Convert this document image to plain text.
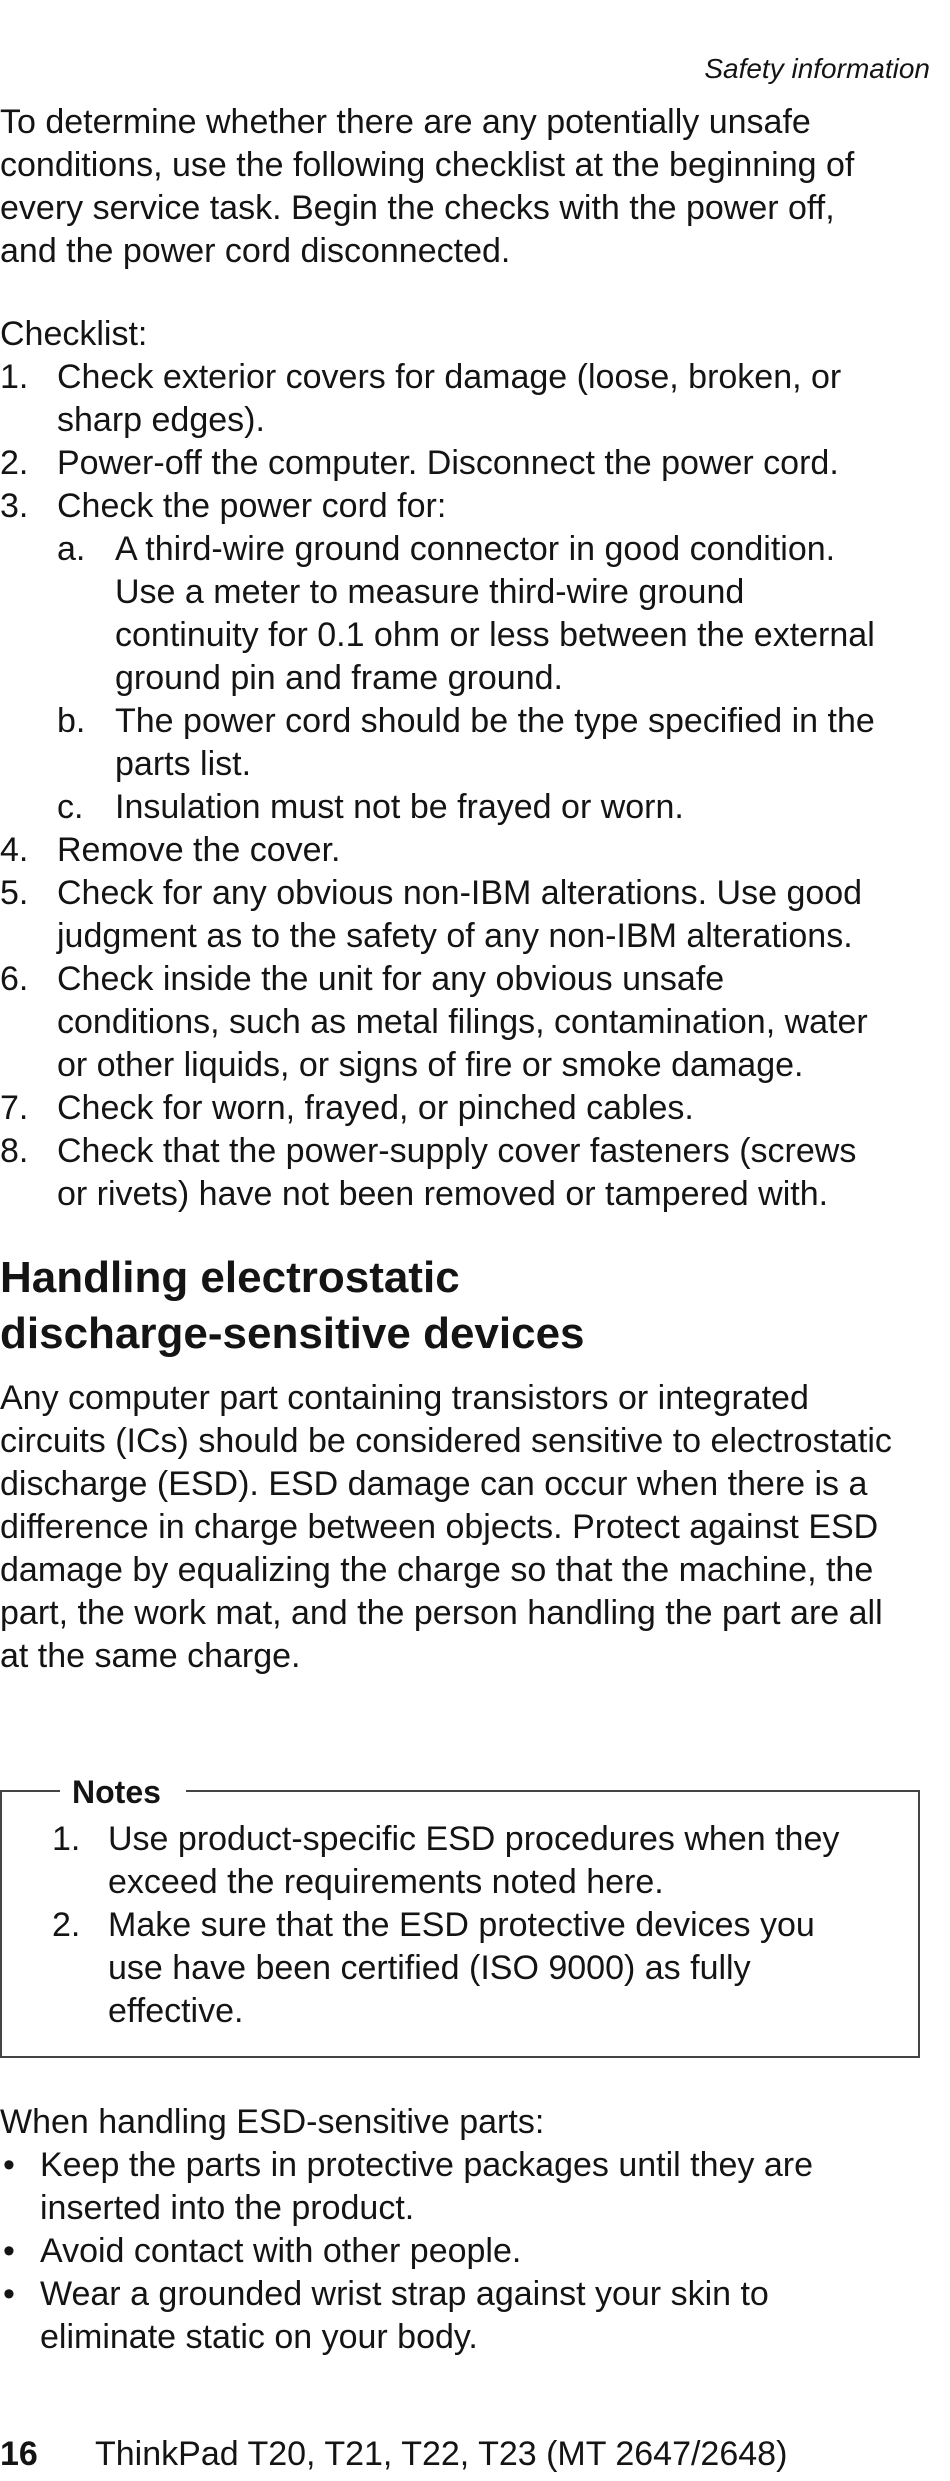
Safety information
To determine whether there are any potentially unsafe
conditions, use the following checklist at the beginning of
every service task. Begin the checks with the power off,
and the power cord disconnected.
Checklist:
1. Check exterior covers for damage (loose, broken, or
sharp edges).
2. Power-off the computer. Disconnect the power cord.
3. Check the power cord for:
a. A third-wire ground connector in good condition.
Use a meter to measure third-wire ground
continuity for 0.1 ohm or less between the external
ground pin and frame ground.
b. The power cord should be the type specified in the
parts list.
c. Insulation must not be frayed or worn.
4. Remove the cover.
5. Check for any obvious non-IBM alterations. Use good
judgment as to the safety of any non-IBM alterations.
6. Check inside the unit for any obvious unsafe
conditions, such as metal filings, contamination, water
or other liquids, or signs of fire or smoke damage.
7. Check for worn, frayed, or pinched cables.
8. Check that the power-supply cover fasteners (screws
or rivets) have not been removed or tampered with.
Handling electrostatic
discharge-sensitive devices
Any computer part containing transistors or integrated
circuits (ICs) should be considered sensitive to electrostatic
discharge (ESD). ESD damage can occur when there is a
difference in charge between objects. Protect against ESD
damage by equalizing the charge so that the machine, the
part, the work mat, and the person handling the part are all
at the same charge.
Notes
1. Use product-specific ESD procedures when they
exceed the requirements noted here.
2. Make sure that the ESD protective devices you
use have been certified (ISO 9000) as fully
effective.
When handling ESD-sensitive parts:
• Keep the parts in protective packages until they are
inserted into the product.
• Avoid contact with other people.
• Wear a grounded wrist strap against your skin to
eliminate static on your body.
16 ThinkPad T20, T21, T22, T23 (MT 2647/2648)
